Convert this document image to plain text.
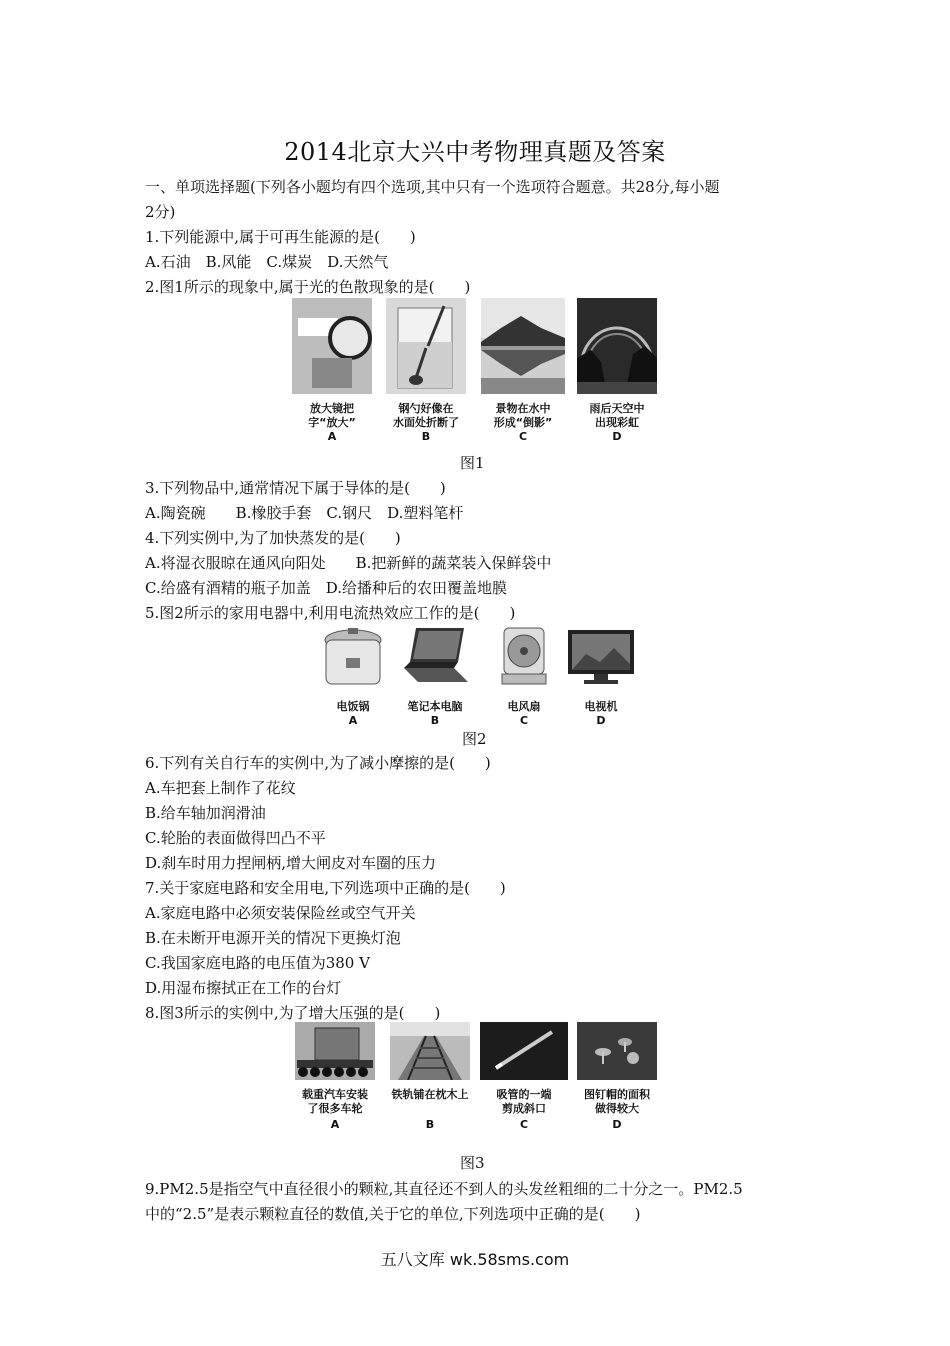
2014北京大兴中考物理真题及答案
一、单项选择题(下列各小题均有四个选项,其中只有一个选项符合题意。共28分,每小题
2分)
1.下列能源中,属于可再生能源的是(　　)
A.石油　B.风能　C.煤炭　D.天然气
2.图1所示的现象中,属于光的色散现象的是(　　)
放大镜把
字“放大”
A
钢勺好像在
水面处折断了
B
景物在水中
形成“倒影”
C
雨后天空中
出现彩虹
D
图1
3.下列物品中,通常情况下属于导体的是(　　)
A.陶瓷碗　　B.橡胶手套　C.钢尺　D.塑料笔杆
4.下列实例中,为了加快蒸发的是(　　)
A.将湿衣服晾在通风向阳处　　B.把新鲜的蔬菜装入保鲜袋中
C.给盛有酒精的瓶子加盖　D.给播种后的农田覆盖地膜
5.图2所示的家用电器中,利用电流热效应工作的是(　　)
电饭锅
A
笔记本电脑
B
电风扇
C
电视机
D
图2
6.下列有关自行车的实例中,为了减小摩擦的是(　　)
A.车把套上制作了花纹
B.给车轴加润滑油
C.轮胎的表面做得凹凸不平
D.刹车时用力捏闸柄,增大闸皮对车圈的压力
7.关于家庭电路和安全用电,下列选项中正确的是(　　)
A.家庭电路中必须安装保险丝或空气开关
B.在未断开电源开关的情况下更换灯泡
C.我国家庭电路的电压值为380 V
D.用湿布擦拭正在工作的台灯
8.图3所示的实例中,为了增大压强的是(　　)
载重汽车安装
了很多车轮
A
铁轨铺在枕木上

B
吸管的一端
剪成斜口
C
图钉帽的面积
做得较大
D
图3
9.PM2.5是指空气中直径很小的颗粒,其直径还不到人的头发丝粗细的二十分之一。PM2.5
中的“2.5”是表示颗粒直径的数值,关于它的单位,下列选项中正确的是(　　)
五八文库 wk.58sms.com
